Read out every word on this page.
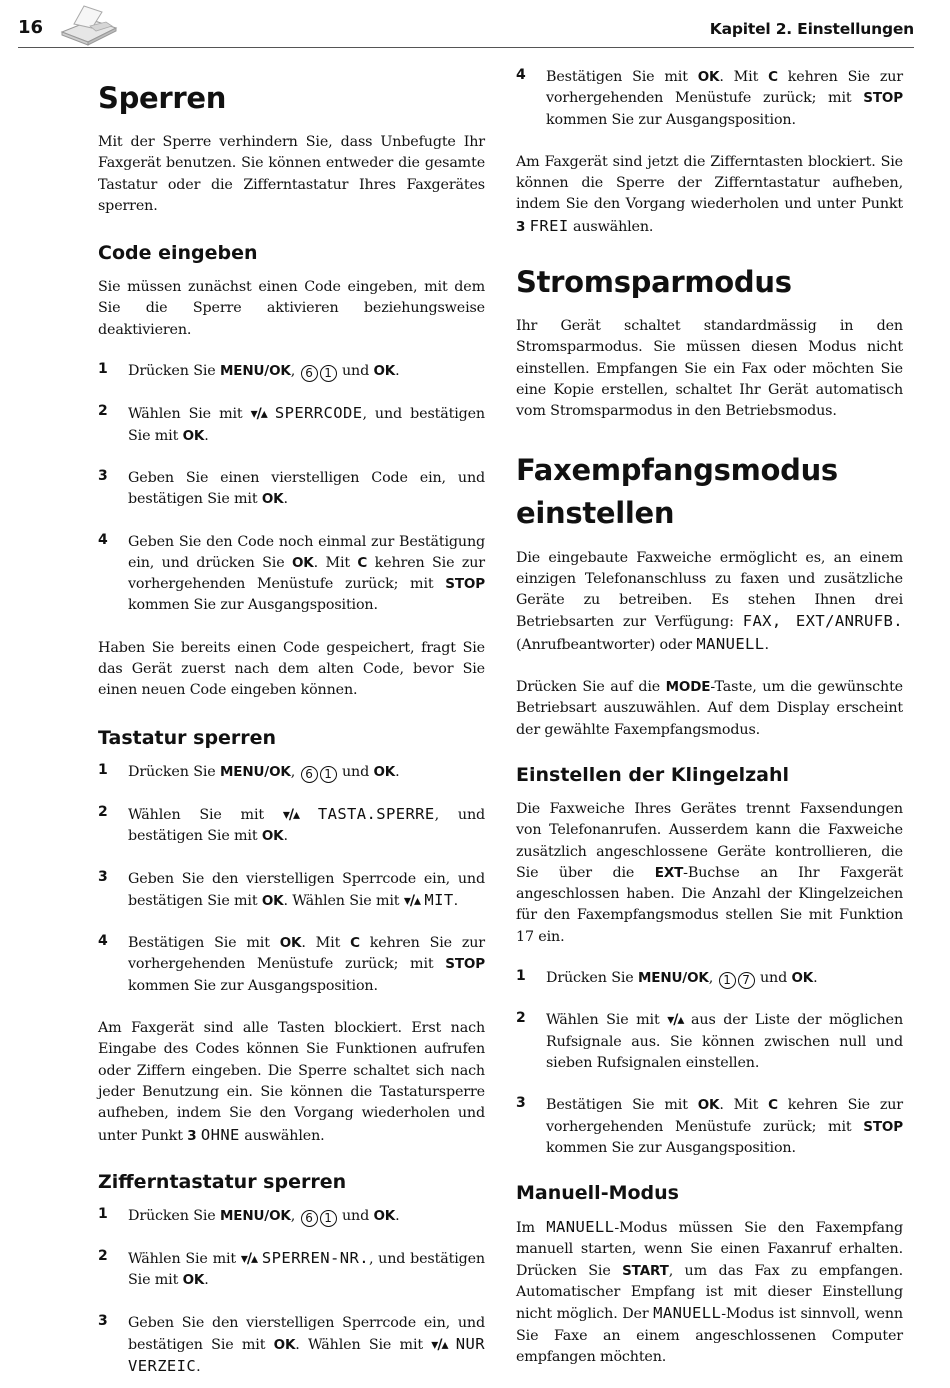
16	Kapitel 2. Einstellungen
Sperren

Mit der Sperre verhindern Sie, dass Unbefugte Ihr Faxgerät benutzen. Sie können entweder die gesamte Tastatur oder die Zifferntastatur Ihres Faxgerätes sperren.

Code eingeben

Sie müssen zunächst einen Code eingeben, mit dem Sie die Sperre aktivieren beziehungsweise deaktivieren.

1	Drücken Sie MENU/OK, 6 1 und OK.
2	Wählen Sie mit ▾/▴ SPERRCODE, und bestätigen Sie mit OK.
3	Geben Sie einen vierstelligen Code ein, und bestätigen Sie mit OK.
4	Geben Sie den Code noch einmal zur Bestätigung ein, und drücken Sie OK. Mit C kehren Sie zur vorhergehenden Menüstufe zurück; mit STOP kommen Sie zur Ausgangsposition.

Haben Sie bereits einen Code gespeichert, fragt Sie das Gerät zuerst nach dem alten Code, bevor Sie einen neuen Code eingeben können.

Tastatur sperren
1	Drücken Sie MENU/OK, 6 1 und OK.
2	Wählen Sie mit ▾/▴ TASTA.SPERRE, und bestätigen Sie mit OK.
3	Geben Sie den vierstelligen Sperrcode ein, und bestätigen Sie mit OK. Wählen Sie mit ▾/▴ MIT.
4	Bestätigen Sie mit OK. Mit C kehren Sie zur vorhergehenden Menüstufe zurück; mit STOP kommen Sie zur Ausgangsposition.

Am Faxgerät sind alle Tasten blockiert. Erst nach Eingabe des Codes können Sie Funktionen aufrufen oder Ziffern eingeben. Die Sperre schaltet sich nach jeder Benutzung ein. Sie können die Tastatursperre aufheben, indem Sie den Vorgang wiederholen und unter Punkt 3 OHNE auswählen.

Zifferntastatur sperren
1	Drücken Sie MENU/OK, 6 1 und OK.
2	Wählen Sie mit ▾/▴ SPERREN-NR., und bestätigen Sie mit OK.
3	Geben Sie den vierstelligen Sperrcode ein, und bestätigen Sie mit OK. Wählen Sie mit ▾/▴ NUR VERZEIC.
4	Bestätigen Sie mit OK. Mit C kehren Sie zur vorhergehenden Menüstufe zurück; mit STOP kommen Sie zur Ausgangsposition.

Am Faxgerät sind jetzt die Zifferntasten blockiert. Sie können die Sperre der Zifferntastatur aufheben, indem Sie den Vorgang wiederholen und unter Punkt 3 FREI auswählen.

Stromsparmodus

Ihr Gerät schaltet standardmässig in den Stromsparmodus. Sie müssen diesen Modus nicht einstellen. Empfangen Sie ein Fax oder möchten Sie eine Kopie erstellen, schaltet Ihr Gerät automatisch vom Stromsparmodus in den Betriebsmodus.

Faxempfangsmodus
einstellen

Die eingebaute Faxweiche ermöglicht es, an einem einzigen Telefonanschluss zu faxen und zusätzliche Geräte zu betreiben. Es stehen Ihnen drei Betriebsarten zur Verfügung: FAX, EXT/ANRUFB. (Anrufbeantworter) oder MANUELL.

Drücken Sie auf die MODE-Taste, um die gewünschte Betriebsart auszuwählen. Auf dem Display erscheint der gewählte Faxempfangsmodus.

Einstellen der Klingelzahl

Die Faxweiche Ihres Gerätes trennt Faxsendungen von Telefonanrufen. Ausserdem kann die Faxweiche zusätzlich angeschlossene Geräte kontrollieren, die Sie über die EXT-Buchse an Ihr Faxgerät angeschlossen haben. Die Anzahl der Klingelzeichen für den Faxempfangsmodus stellen Sie mit Funktion 17 ein.

1	Drücken Sie MENU/OK, 1 7 und OK.
2	Wählen Sie mit ▾/▴ aus der Liste der möglichen Rufsignale aus. Sie können zwischen null und sieben Rufsignalen einstellen.
3	Bestätigen Sie mit OK. Mit C kehren Sie zur vorhergehenden Menüstufe zurück; mit STOP kommen Sie zur Ausgangsposition.
Manuell-Modus

Im MANUELL-Modus müssen Sie den Faxempfang manuell starten, wenn Sie einen Faxanruf erhalten. Drücken Sie START, um das Fax zu empfangen. Automatischer Empfang ist mit dieser Einstellung nicht möglich. Der MANUELL-Modus ist sinnvoll, wenn Sie Faxe an einem angeschlossenen Computer empfangen möchten.
